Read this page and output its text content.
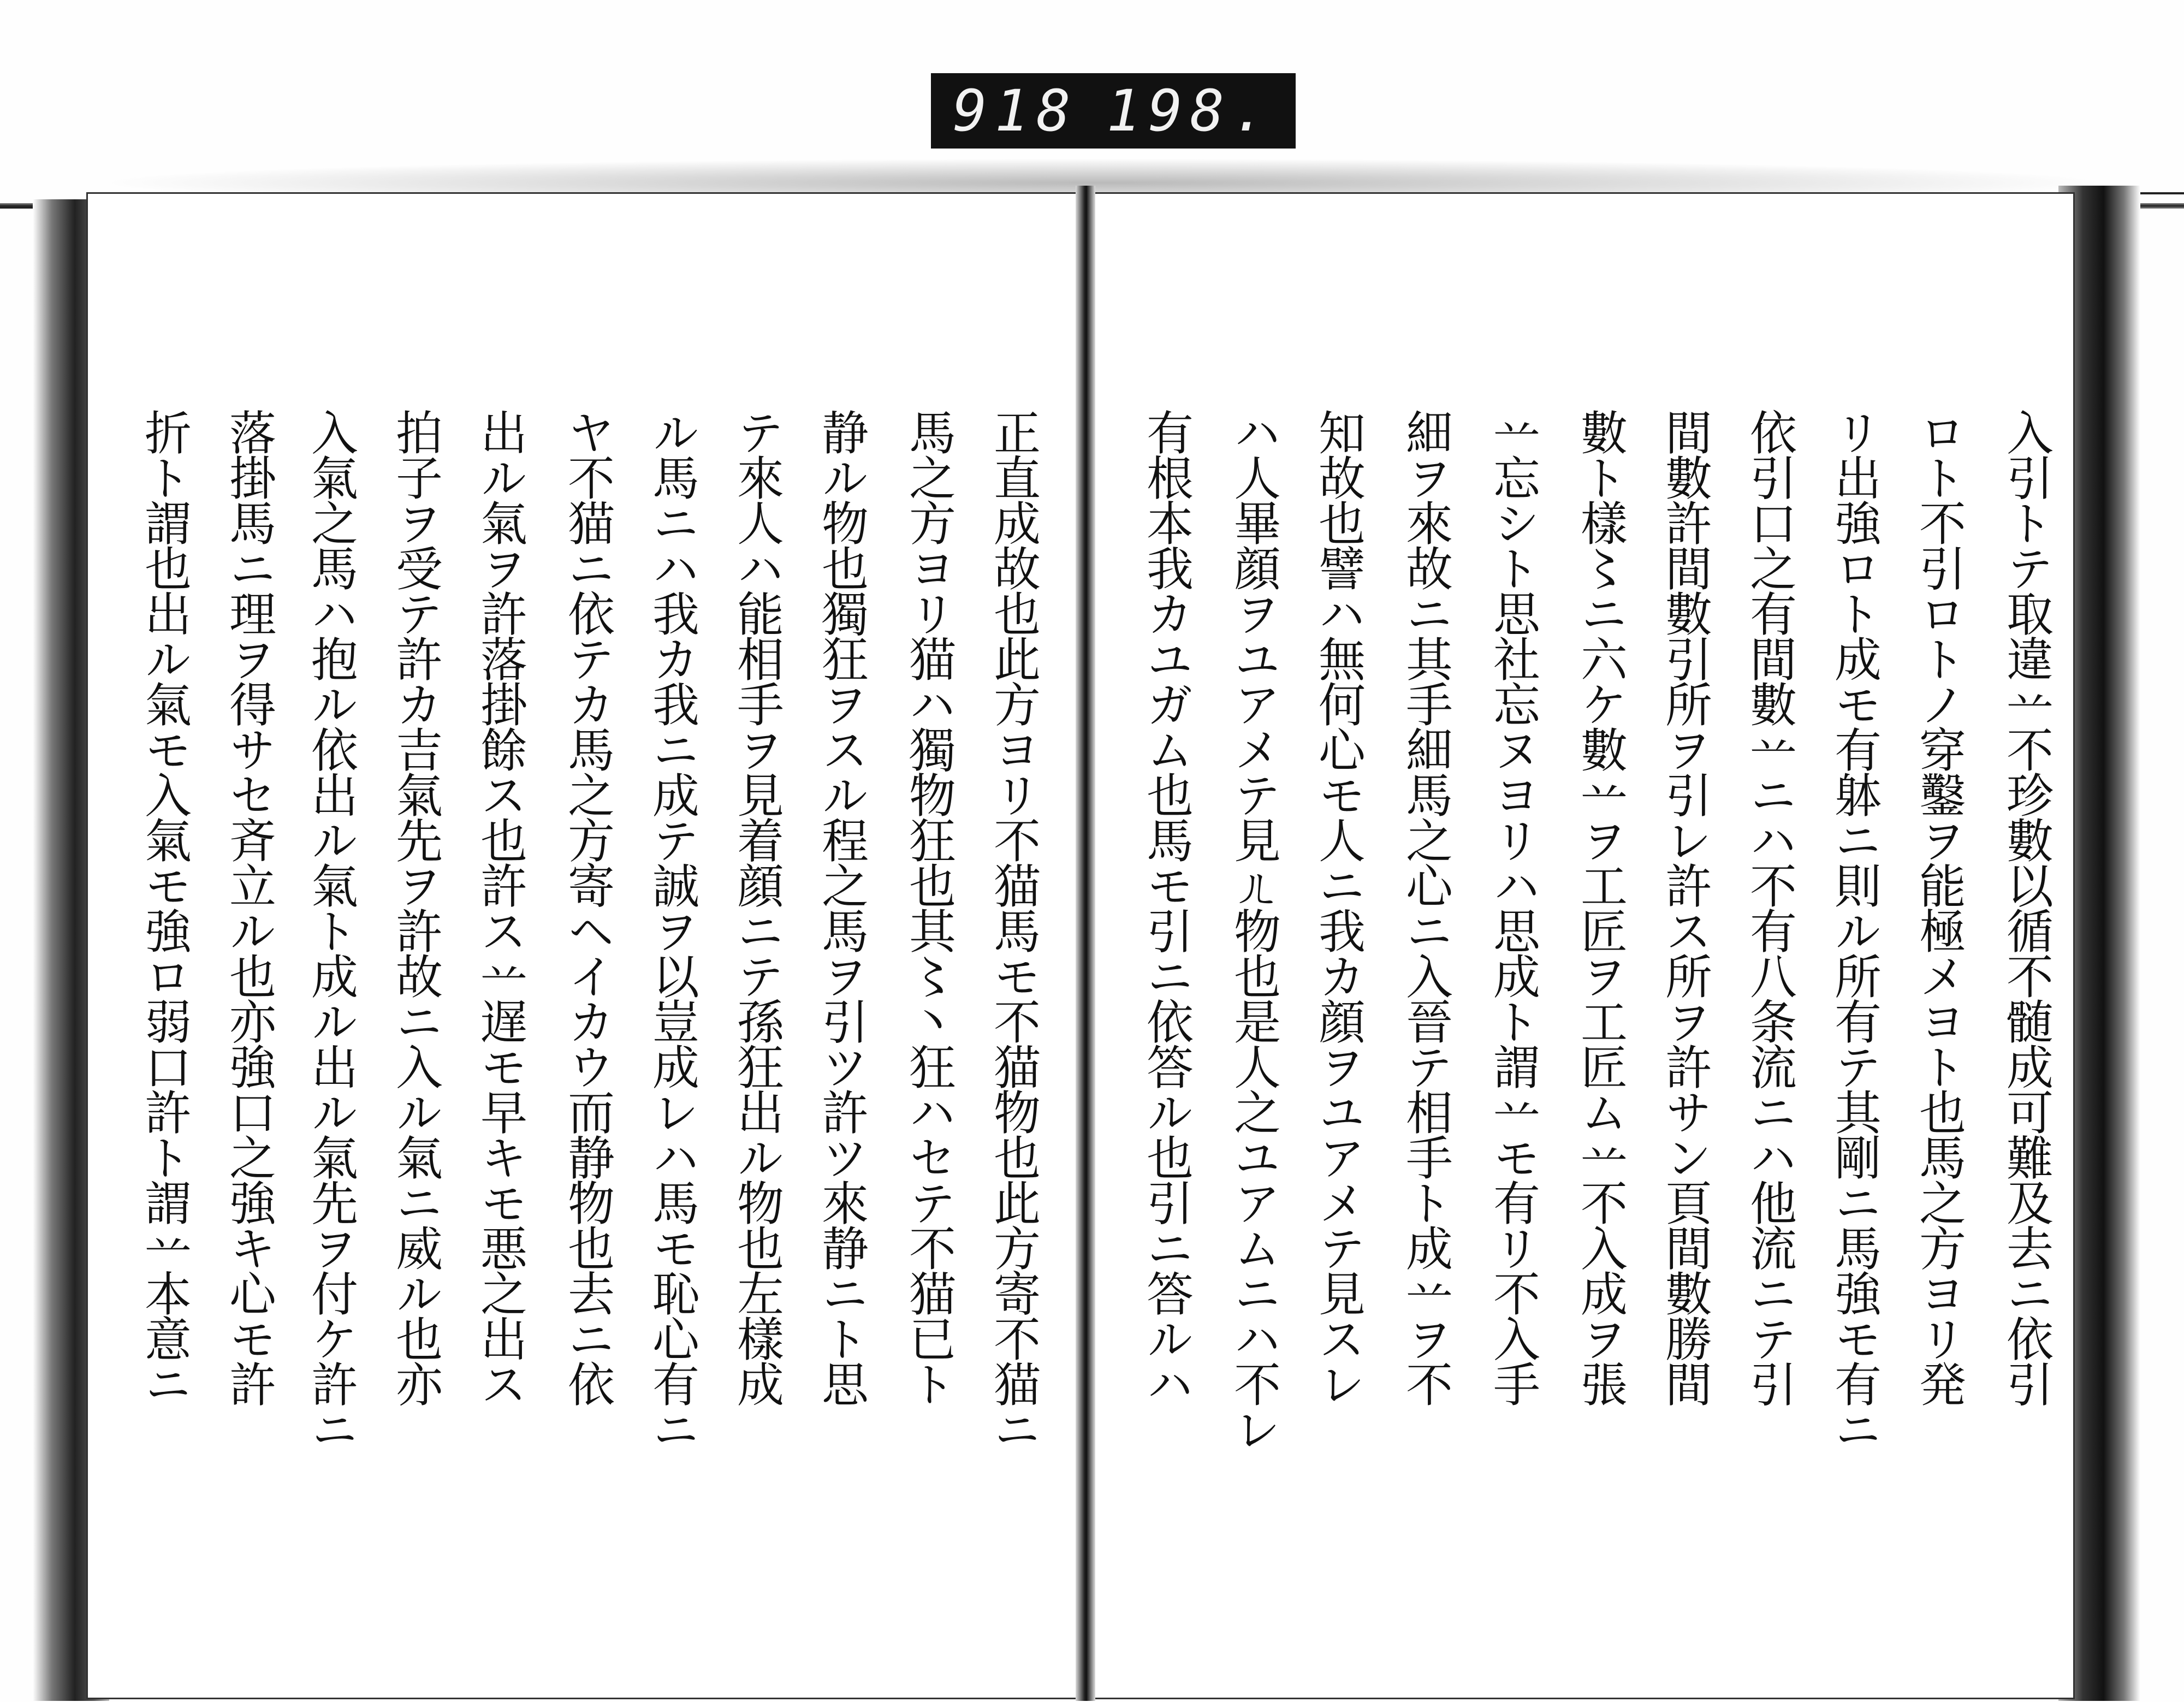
918 198.
入引トテ取違䒑不珍數以循不髄成可難及去ニ依引
ロト不引ロトノ穿鑿ヲ能極メヨト也馬之方ヨリ発
リ出強ロト成モ有躰ニ則ル所有テ其剛ニ馬強モ有ニ
依引口之有間數䒑ニハ不有八条流ニハ他流ニテ引
間數許間數引所ヲ引レ許ス所ヲ許サン頁間數勝間
數ト樣〻ニ六ケ數䒑ヲ工匠ヲ工匠ム䒑不入成ヲ張
䒑忘シト思社忘ヌヨリハ思成ト謂䒑モ有リ不入手
細ヲ來故ニ其手細馬之心ニ入晉テ相手ト成䒑ヲ不
知故也譬ハ無何心モ人ニ我カ顔ヲユアメテ見スレ
ハ人畢顔ヲユアメテ見ㄦ物也是人之ユアムニハ不レ
有根本我カユガム也馬モ引ニ依答ル也引ニ答ルハ
正直成故也此方ヨリ不猫馬モ不猫物也此方寄不猫ニ
馬之方ヨリ猫ハ獨物狂也其〻丶狂ハセテ不猫已ト
静ル物也獨狂ヲスル程之馬ヲ引ツ許ツ來静ニト思
テ來人ハ能相手ヲ見着顔ニテ孫狂出ル物也左樣成
ル馬ニハ我カ我ニ成テ誠ヲ以豈成レハ馬モ恥心有ニ
ヤ不猫ニ依テカ馬之方寄ヘイカウ而静物也去ニ依
出ル氣ヲ許落掛餘ス也許ス䒑遅モ早キモ悪之出ス
拍子ヲ受テ許カ吉氣先ヲ許故ニ入ル氣ニ威ル也亦
入氣之馬ハ抱ル依出ル氣ト成ル出ル氣先ヲ付ケ許ニ
落掛馬ニ理ヲ得サセ斉立ル也亦強口之強キ心モ許
折ト謂也出ル氣モ入氣モ強ロ弱口許ト謂䒑本意ニ
